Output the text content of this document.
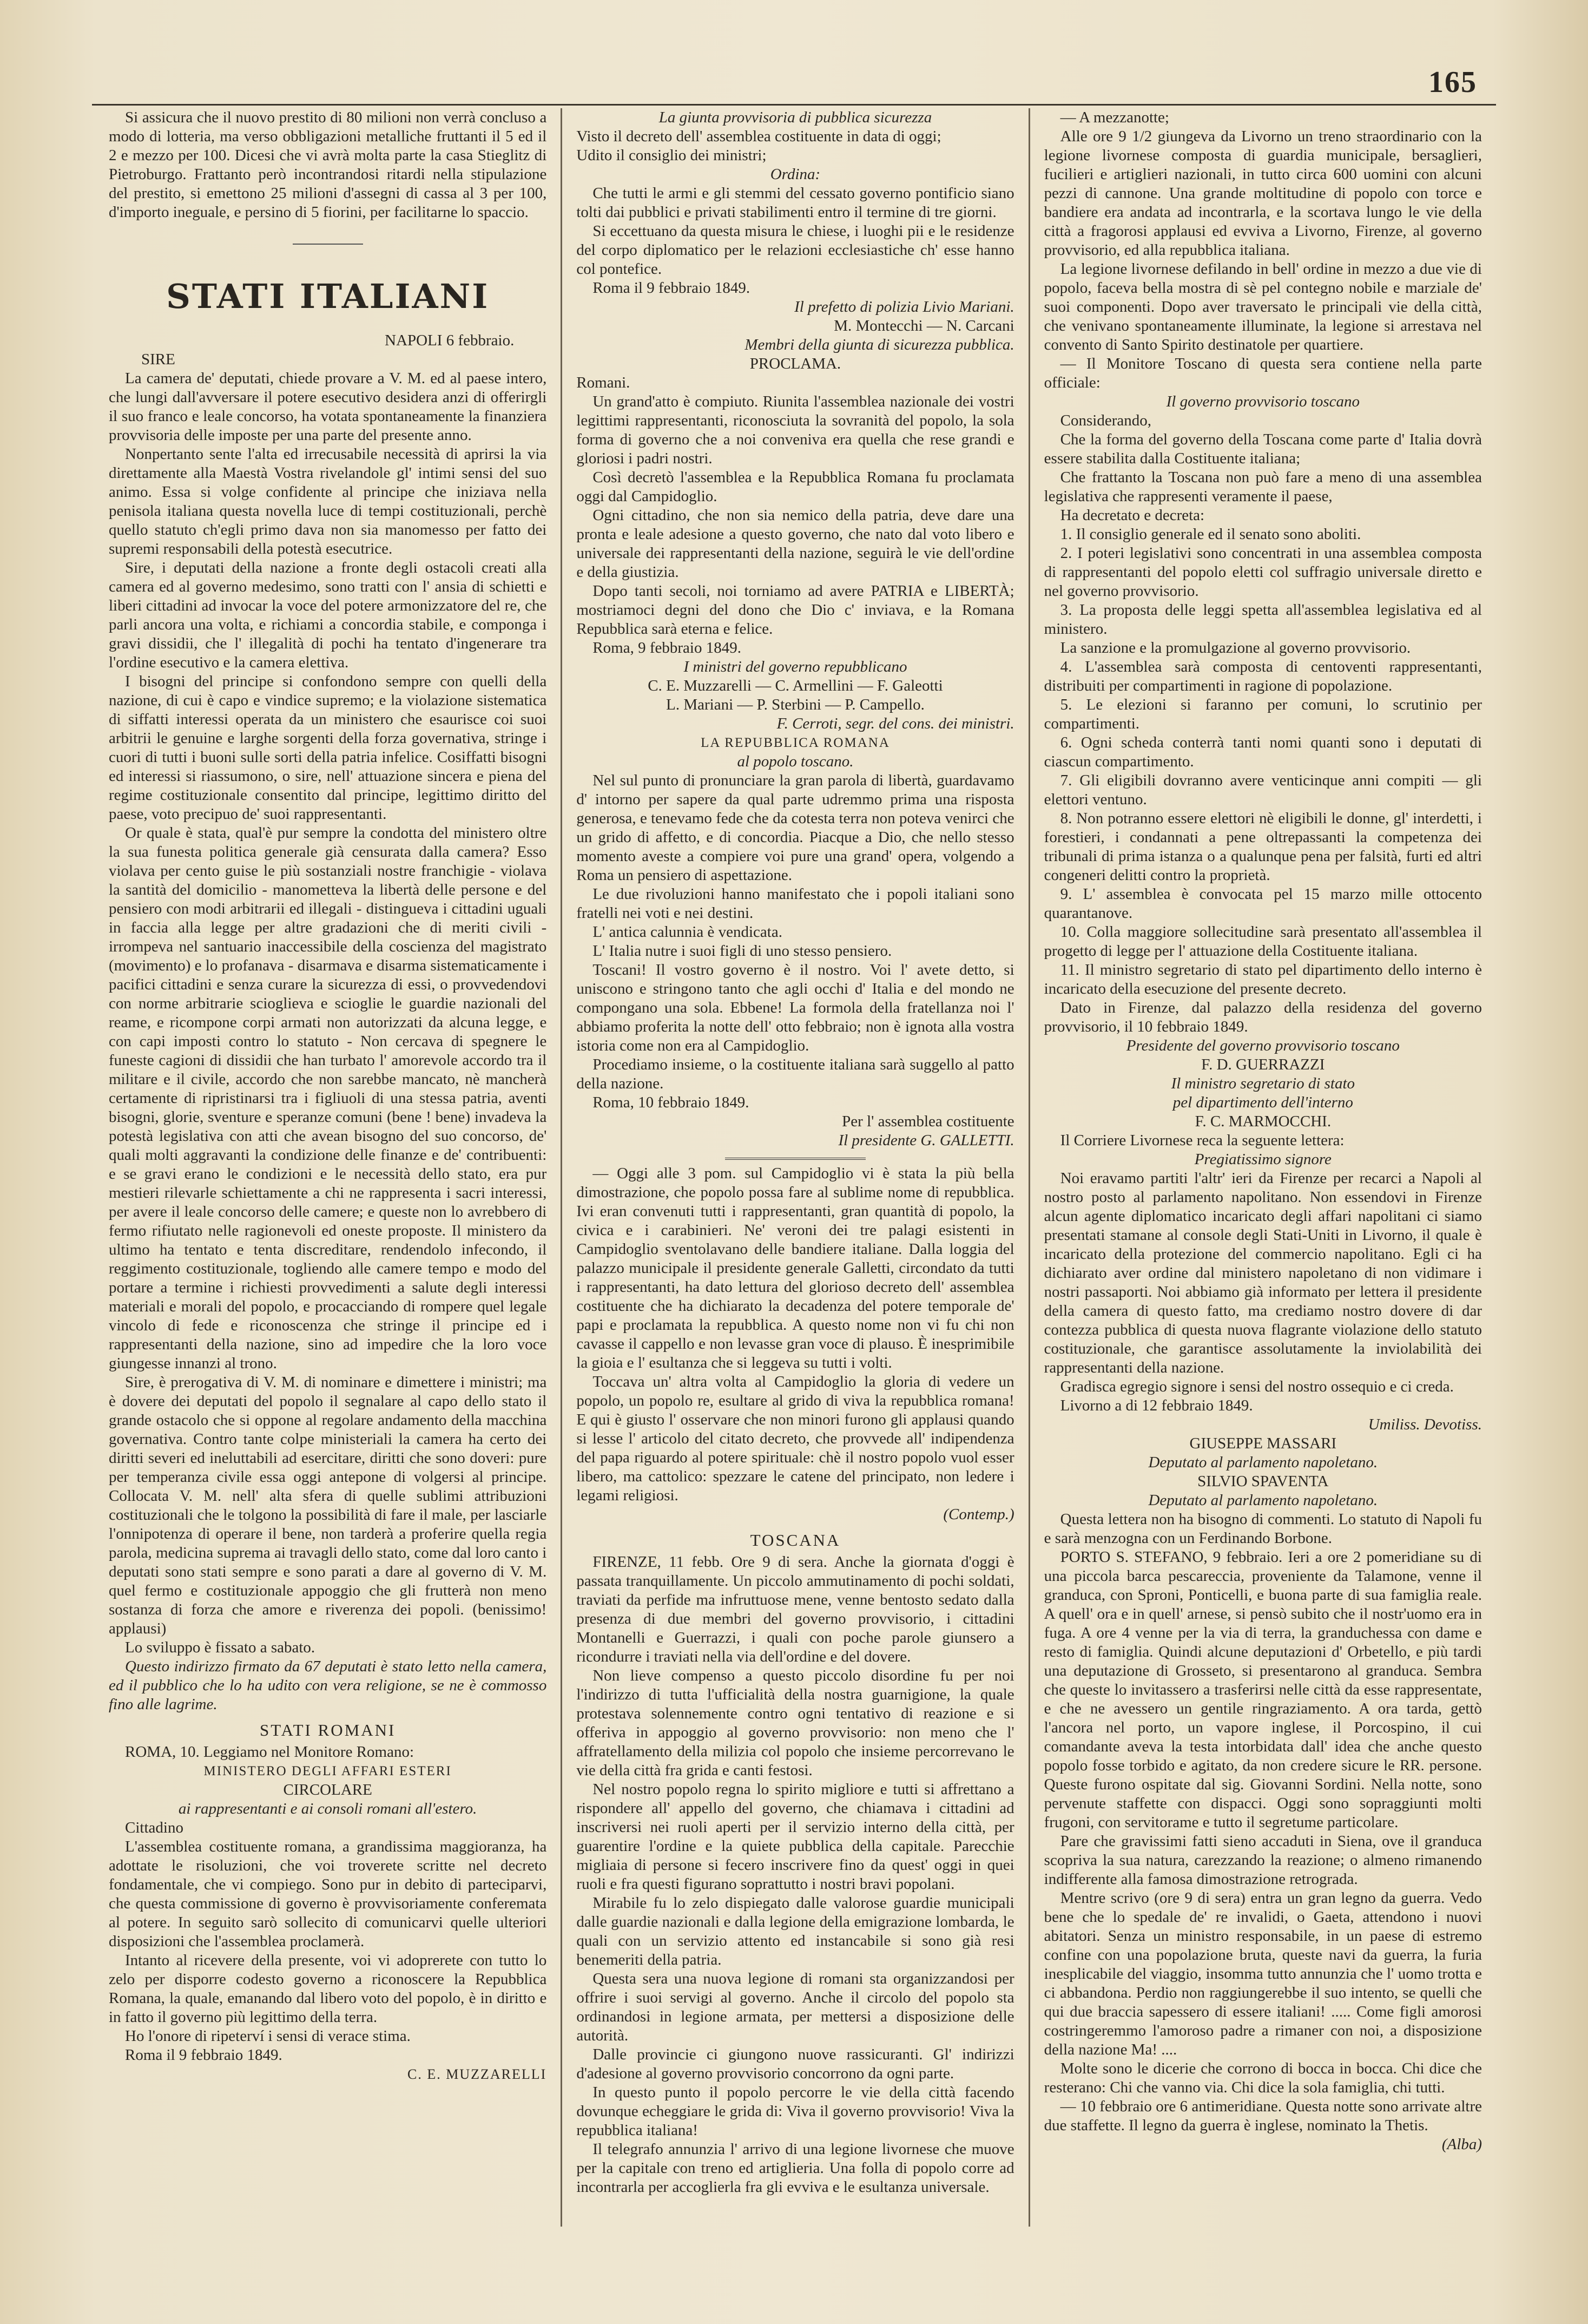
165

Si assicura che il nuovo prestito di 80 milioni non verrà concluso a modo di lotteria, ma verso obbligazioni metalliche fruttanti il 5 ed il 2 e mezzo per 100. Dicesi che vi avrà molta parte la casa Stieglitz di Pietroburgo. Frattanto però incontrandosi ritardi nella stipulazione del prestito, si emettono 25 milioni d'assegni di cassa al 3 per 100, d'importo ineguale, e persino di 5 fiorini, per facilitarne lo spaccio.

STATI ITALIANI

NAPOLI 6 febbraio.

SIRE

La camera de' deputati, chiede provare a V. M. ed al paese intero, che lungi dall'avversare il potere esecutivo desidera anzi di offerirgli il suo franco e leale concorso, ha votata spontaneamente la finanziera provvisoria delle imposte per una parte del presente anno.

Nonpertanto sente l'alta ed irrecusabile necessità di aprirsi la via direttamente alla Maestà Vostra rivelandole gl' intimi sensi del suo animo. Essa si volge confidente al principe che iniziava nella penisola italiana questa novella luce di tempi costituzionali, perchè quello statuto ch'egli primo dava non sia manomesso per fatto dei supremi responsabili della potestà esecutrice.

Sire, i deputati della nazione a fronte degli ostacoli creati alla camera ed al governo medesimo, sono tratti con l' ansia di schietti e liberi cittadini ad invocar la voce del potere armonizzatore del re, che parli ancora una volta, e richiami a concordia stabile, e componga i gravi dissidii, che l' illegalità di pochi ha tentato d'ingenerare tra l'ordine esecutivo e la camera elettiva.

I bisogni del principe si confondono sempre con quelli della nazione, di cui è capo e vindice supremo; e la violazione sistematica di siffatti interessi operata da un ministero che esaurisce coi suoi arbitrii le genuine e larghe sorgenti della forza governativa, stringe i cuori di tutti i buoni sulle sorti della patria infelice. Cosiffatti bisogni ed interessi si riassumono, o sire, nell' attuazione sincera e piena del regime costituzionale consentito dal principe, legittimo diritto del paese, voto precipuo de' suoi rappresentanti.

Or quale è stata, qual'è pur sempre la condotta del ministero oltre la sua funesta politica generale già censurata dalla camera? Esso violava per cento guise le più sostanziali nostre franchigie - violava la santità del domicilio - manometteva la libertà delle persone e del pensiero con modi arbitrarii ed illegali - distingueva i cittadini uguali in faccia alla legge per altre gradazioni che di meriti civili - irrompeva nel santuario inaccessibile della coscienza del magistrato (movimento) e lo profanava - disarmava e disarma sistematicamente i pacifici cittadini e senza curare la sicurezza di essi, o provvedendovi con norme arbitrarie scioglieva e scioglie le guardie nazionali del reame, e ricompone corpi armati non autorizzati da alcuna legge, e con capi imposti contro lo statuto - Non cercava di spegnere le funeste cagioni di dissidii che han turbato l' amorevole accordo tra il militare e il civile, accordo che non sarebbe mancato, nè mancherà certamente di ripristinarsi tra i figliuoli di una stessa patria, aventi bisogni, glorie, sventure e speranze comuni (bene ! bene) invadeva la potestà legislativa con atti che avean bisogno del suo concorso, de' quali molti aggravanti la condizione delle finanze e de' contribuenti: e se gravi erano le condizioni e le necessità dello stato, era pur mestieri rilevarle schiettamente a chi ne rappresenta i sacri interessi, per avere il leale concorso delle camere; e queste non lo avrebbero di fermo rifiutato nelle ragionevoli ed oneste proposte. Il ministero da ultimo ha tentato e tenta discreditare, rendendolo infecondo, il reggimento costituzionale, togliendo alle camere tempo e modo del portare a termine i richiesti provvedimenti a salute degli interessi materiali e morali del popolo, e procacciando di rompere quel legale vincolo di fede e riconoscenza che stringe il principe ed i rappresentanti della nazione, sino ad impedire che la loro voce giungesse innanzi al trono.

Sire, è prerogativa di V. M. di nominare e dimettere i ministri; ma è dovere dei deputati del popolo il segnalare al capo dello stato il grande ostacolo che si oppone al regolare andamento della macchina governativa. Contro tante colpe ministeriali la camera ha certo dei diritti severi ed ineluttabili ad esercitare, diritti che sono doveri: pure per temperanza civile essa oggi antepone di volgersi al principe. Collocata V. M. nell' alta sfera di quelle sublimi attribuzioni costituzionali che le tolgono la possibilità di fare il male, per lasciarle l'onnipotenza di operare il bene, non tarderà a proferire quella regia parola, medicina suprema ai travagli dello stato, come dal loro canto i deputati sono stati sempre e sono parati a dare al governo di V. M. quel fermo e costituzionale appoggio che gli frutterà non meno sostanza di forza che amore e riverenza dei popoli. (benissimo! applausi)

Lo sviluppo è fissato a sabato.

Questo indirizzo firmato da 67 deputati è stato letto nella camera, ed il pubblico che lo ha udito con vera religione, se ne è commosso fino alle lagrime.

STATI ROMANI

ROMA, 10. Leggiamo nel Monitore Romano:

MINISTERO DEGLI AFFARI ESTERI

CIRCOLARE

ai rappresentanti e ai consoli romani all'estero.

Cittadino

L'assemblea costituente romana, a grandissima maggioranza, ha adottate le risoluzioni, che voi troverete scritte nel decreto fondamentale, che vi compiego. Sono pur in debito di parteciparvi, che questa commissione di governo è provvisoriamente conferemata al potere. In seguito sarò sollecito di comunicarvi quelle ulteriori disposizioni che l'assemblea proclamerà.

Intanto al ricevere della presente, voi vi adoprerete con tutto lo zelo per disporre codesto governo a riconoscere la Repubblica Romana, la quale, emanando dal libero voto del popolo, è in diritto e in fatto il governo più legittimo della terra.

Ho l'onore di ripeterví i sensi di verace stima.

Roma il 9 febbraio 1849.

C. E. MUZZARELLI

La giunta provvisoria di pubblica sicurezza

Visto il decreto dell' assemblea costituente in data di oggi;

Udito il consiglio dei ministri;

Ordina:

Che tutti le armi e gli stemmi del cessato governo pontificio siano tolti dai pubblici e privati stabilimenti entro il termine di tre giorni.

Si eccettuano da questa misura le chiese, i luoghi pii e le residenze del corpo diplomatico per le relazioni ecclesiastiche ch' esse hanno col pontefice.

Roma il 9 febbraio 1849.

Il prefetto di polizia Livio Mariani.

M. Montecchi — N. Carcani

Membri della giunta di sicurezza pubblica.

PROCLAMA.

Romani.

Un grand'atto è compiuto. Riunita l'assemblea nazionale dei vostri legittimi rappresentanti, riconosciuta la sovranità del popolo, la sola forma di governo che a noi conveniva era quella che rese grandi e gloriosi i padri nostri.

Così decretò l'assemblea e la Repubblica Romana fu proclamata oggi dal Campidoglio.

Ogni cittadino, che non sia nemico della patria, deve dare una pronta e leale adesione a questo governo, che nato dal voto libero e universale dei rappresentanti della nazione, seguirà le vie dell'ordine e della giustizia.

Dopo tanti secoli, noi torniamo ad avere PATRIA e LIBERTÀ; mostriamoci degni del dono che Dio c' inviava, e la Romana Repubblica sarà eterna e felice.

Roma, 9 febbraio 1849.

I ministri del governo repubblicano

C. E. Muzzarelli — C. Armellini — F. Galeotti

L. Mariani — P. Sterbini — P. Campello.

F. Cerroti, segr. del cons. dei ministri.

LA REPUBBLICA ROMANA

al popolo toscano.

Nel sul punto di pronunciare la gran parola di libertà, guardavamo d' intorno per sapere da qual parte udremmo prima una risposta generosa, e tenevamo fede che da cotesta terra non poteva venirci che un grido di affetto, e di concordia. Piacque a Dio, che nello stesso momento aveste a compiere voi pure una grand' opera, volgendo a Roma un pensiero di aspettazione.

Le due rivoluzioni hanno manifestato che i popoli italiani sono fratelli nei voti e nei destini.

L' antica calunnia è vendicata.

L' Italia nutre i suoi figli di uno stesso pensiero.

Toscani! Il vostro governo è il nostro. Voi l' avete detto, si uniscono e stringono tanto che agli occhi d' Italia e del mondo ne compongano una sola. Ebbene! La formola della fratellanza noi l' abbiamo proferita la notte dell' otto febbraio; non è ignota alla vostra istoria come non era al Campidoglio.

Procediamo insieme, o la costituente italiana sarà suggello al patto della nazione.

Roma, 10 febbraio 1849.

Per l' assemblea costituente

Il presidente G. GALLETTI.

— Oggi alle 3 pom. sul Campidoglio vi è stata la più bella dimostrazione, che popolo possa fare al sublime nome di repubblica. Ivi eran convenuti tutti i rappresentanti, gran quantità di popolo, la civica e i carabinieri. Ne' veroni dei tre palagi esistenti in Campidoglio sventolavano delle bandiere italiane. Dalla loggia del palazzo municipale il presidente generale Galletti, circondato da tutti i rappresentanti, ha dato lettura del glorioso decreto dell' assemblea costituente che ha dichiarato la decadenza del potere temporale de' papi e proclamata la repubblica. A questo nome non vi fu chi non cavasse il cappello e non levasse gran voce di plauso. È inesprimibile la gioia e l' esultanza che si leggeva su tutti i volti.

Toccava un' altra volta al Campidoglio la gloria di vedere un popolo, un popolo re, esultare al grido di viva la repubblica romana! E qui è giusto l' osservare che non minori furono gli applausi quando si lesse l' articolo del citato decreto, che provvede all' indipendenza del papa riguardo al potere spirituale: chè il nostro popolo vuol esser libero, ma cattolico: spezzare le catene del principato, non ledere i legami religiosi.

(Contemp.)

TOSCANA

FIRENZE, 11 febb. Ore 9 di sera. Anche la giornata d'oggi è passata tranquillamente. Un piccolo ammutinamento di pochi soldati, traviati da perfide ma infruttuose mene, venne bentosto sedato dalla presenza di due membri del governo provvisorio, i cittadini Montanelli e Guerrazzi, i quali con poche parole giunsero a ricondurre i traviati nella via dell'ordine e del dovere.

Non lieve compenso a questo piccolo disordine fu per noi l'indirizzo di tutta l'ufficialità della nostra guarnigione, la quale protestava solennemente contro ogni tentativo di reazione e si offeriva in appoggio al governo provvisorio: non meno che l' affratellamento della milizia col popolo che insieme percorrevano le vie della città fra grida e canti festosi.

Nel nostro popolo regna lo spirito migliore e tutti si affrettano a rispondere all' appello del governo, che chiamava i cittadini ad inscriversi nei ruoli aperti per il servizio interno della città, per guarentire l'ordine e la quiete pubblica della capitale. Parecchie migliaia di persone si fecero inscrivere fino da quest' oggi in quei ruoli e fra questi figurano soprattutto i nostri bravi popolani.

Mirabile fu lo zelo dispiegato dalle valorose guardie municipali dalle guardie nazionali e dalla legione della emigrazione lombarda, le quali con un servizio attento ed instancabile si sono già resi benemeriti della patria.

Questa sera una nuova legione di romani sta organizzandosi per offrire i suoi servigi al governo. Anche il circolo del popolo sta ordinandosi in legione armata, per mettersi a disposizione delle autorità.

Dalle provincie ci giungono nuove rassicuranti. Gl' indirizzi d'adesione al governo provvisorio concorrono da ogni parte.

In questo punto il popolo percorre le vie della città facendo dovunque echeggiare le grida di: Viva il governo provvisorio! Viva la repubblica italiana!

Il telegrafo annunzia l' arrivo di una legione livornese che muove per la capitale con treno ed artiglieria. Una folla di popolo corre ad incontrarla per accoglierla fra gli evviva e le esultanza universale.

— A mezzanotte;

Alle ore 9 1/2 giungeva da Livorno un treno straordinario con la legione livornese composta di guardia municipale, bersaglieri, fucilieri e artiglieri nazionali, in tutto circa 600 uomini con alcuni pezzi di cannone. Una grande moltitudine di popolo con torce e bandiere era andata ad incontrarla, e la scortava lungo le vie della città a fragorosi applausi ed evviva a Livorno, Firenze, al governo provvisorio, ed alla repubblica italiana.

La legione livornese defilando in bell' ordine in mezzo a due vie di popolo, faceva bella mostra di sè pel contegno nobile e marziale de' suoi componenti. Dopo aver traversato le principali vie della città, che venivano spontaneamente illuminate, la legione si arrestava nel convento di Santo Spirito destinatole per quartiere.

— Il Monitore Toscano di questa sera contiene nella parte officiale:

Il governo provvisorio toscano

Considerando,

Che la forma del governo della Toscana come parte d' Italia dovrà essere stabilita dalla Costituente italiana;

Che frattanto la Toscana non può fare a meno di una assemblea legislativa che rappresenti veramente il paese,

Ha decretato e decreta:

1. Il consiglio generale ed il senato sono aboliti.

2. I poteri legislativi sono concentrati in una assemblea composta di rappresentanti del popolo eletti col suffragio universale diretto e nel governo provvisorio.

3. La proposta delle leggi spetta all'assemblea legislativa ed al ministero.

La sanzione e la promulgazione al governo provvisorio.

4. L'assemblea sarà composta di centoventi rappresentanti, distribuiti per compartimenti in ragione di popolazione.

5. Le elezioni si faranno per comuni, lo scrutinio per compartimenti.

6. Ogni scheda conterrà tanti nomi quanti sono i deputati di ciascun compartimento.

7. Gli eligibili dovranno avere venticinque anni compiti — gli elettori ventuno.

8. Non potranno essere elettori nè eligibili le donne, gl' interdetti, i forestieri, i condannati a pene oltrepassanti la competenza dei tribunali di prima istanza o a qualunque pena per falsità, furti ed altri congeneri delitti contro la proprietà.

9. L' assemblea è convocata pel 15 marzo mille ottocento quarantanove.

10. Colla maggiore sollecitudine sarà presentato all'assemblea il progetto di legge per l' attuazione della Costituente italiana.

11. Il ministro segretario di stato pel dipartimento dello interno è incaricato della esecuzione del presente decreto.

Dato in Firenze, dal palazzo della residenza del governo provvisorio, il 10 febbraio 1849.

Presidente del governo provvisorio toscano

F. D. GUERRAZZI

Il ministro segretario di stato

pel dipartimento dell'interno

F. C. MARMOCCHI.

Il Corriere Livornese reca la seguente lettera:

Pregiatissimo signore

Noi eravamo partiti l'altr' ieri da Firenze per recarci a Napoli al nostro posto al parlamento napolitano. Non essendovi in Firenze alcun agente diplomatico incaricato degli affari napolitani ci siamo presentati stamane al console degli Stati-Uniti in Livorno, il quale è incaricato della protezione del commercio napolitano. Egli ci ha dichiarato aver ordine dal ministero napoletano di non vidimare i nostri passaporti. Noi abbiamo già informato per lettera il presidente della camera di questo fatto, ma crediamo nostro dovere di dar contezza pubblica di questa nuova flagrante violazione dello statuto costituzionale, che garantisce assolutamente la inviolabilità dei rappresentanti della nazione.

Gradisca egregio signore i sensi del nostro ossequio e ci creda.

Livorno a di 12 febbraio 1849.

Umiliss. Devotiss.

GIUSEPPE MASSARI

Deputato al parlamento napoletano.

SILVIO SPAVENTA

Deputato al parlamento napoletano.

Questa lettera non ha bisogno di commenti. Lo statuto di Napoli fu e sarà menzogna con un Ferdinando Borbone.

PORTO S. STEFANO, 9 febbraio. Ieri a ore 2 pomeridiane su di una piccola barca pescareccia, proveniente da Talamone, venne il granduca, con Sproni, Ponticelli, e buona parte di sua famiglia reale. A quell' ora e in quell' arnese, si pensò subito che il nostr'uomo era in fuga. A ore 4 venne per la via di terra, la granduchessa con dame e resto di famiglia. Quindi alcune deputazioni d' Orbetello, e più tardi una deputazione di Grosseto, si presentarono al granduca. Sembra che queste lo invitassero a trasferirsi nelle città da esse rappresentate, e che ne avessero un gentile ringraziamento. A ora tarda, gettò l'ancora nel porto, un vapore inglese, il Porcospino, il cui comandante aveva la testa intorbidata dall' idea che anche questo popolo fosse torbido e agitato, da non credere sicure le RR. persone. Queste furono ospitate dal sig. Giovanni Sordini. Nella notte, sono pervenute staffette con dispacci. Oggi sono sopraggiunti molti frugoni, con servitorame e tutto il segretume particolare.

Pare che gravissimi fatti sieno accaduti in Siena, ove il granduca scopriva la sua natura, carezzando la reazione; o almeno rimanendo indifferente alla famosa dimostrazione retrograda.

Mentre scrivo (ore 9 di sera) entra un gran legno da guerra. Vedo bene che lo spedale de' re invalidi, o Gaeta, attendono i nuovi abitatori. Senza un ministro responsabile, in un paese di estremo confine con una popolazione bruta, queste navi da guerra, la furia inesplicabile del viaggio, insomma tutto annunzia che l' uomo trotta e ci abbandona. Perdio non raggiungerebbe il suo intento, se quelli che qui due braccia sapessero di essere italiani! ..... Come figli amorosi costringeremmo l'amoroso padre a rimaner con noi, a disposizione della nazione Ma! ....

Molte sono le dicerie che corrono di bocca in bocca. Chi dice che resterano: Chi che vanno via. Chi dice la sola famiglia, chi tutti.

— 10 febbraio ore 6 antimeridiane. Questa notte sono arrivate altre due staffette. Il legno da guerra è inglese, nominato la Thetis.

(Alba)
